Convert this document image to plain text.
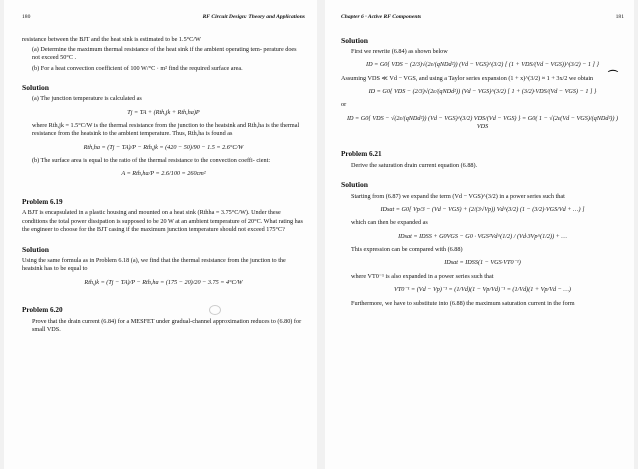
180	RF Circuit Design: Theory and Applications

resistance between the BJT and the heat sink is estimated to be 1.5°C/W

(a) Determine the maximum thermal resistance of the heat sink if the ambient operating tem- perature does not exceed 50°C .

(b) For a heat convection coefficient of 100 W/°C · m² find the required surface area.

Solution

(a) The junction temperature is calculated as

Tj = TA + (Rth,jk + Rth,ha)P

where Rth,jk = 1.5°C/W is the thermal resistance from the junction to the heatsink and Rth,ha is the thermal resistance from the heatsink to the ambient temperature. Thus, Rth,ha is found as

Rth,ha = (Tj − TA)/P − Rth,jk = (420 − 50)/90 − 1.5 = 2.6°C/W

(b) The surface area is equal to the ratio of the thermal resistance to the convection coeffi- cient:

A = Rth,ha/P = 2.6/100 = 260cm²
Problem 6.19

A BJT is encapsulated in a plastic housing and mounted on a heat sink (Rthha = 3.75°C/W). Under these conditions the total power dissipation is supposed to be 20 W at an ambient temperature of 20°C. What rating has the engineer to choose for the BJT casing if the maximum junction temperature should not exceed 175°C?

Solution

Using the same formula as in Problem 6.18 (a), we find that the thermal resistance from the junction to the heatsink has to be equal to

Rth,jk = (Tj − TA)/P − Rth,ha = (175 − 20)/20 − 3.75 = 4°C/W
Problem 6.20

Prove that the drain current (6.84) for a MESFET under gradual-channel approximation reduces to (6.80) for small VDS.

Chapter 6 · Active RF Components	181
Solution

First we rewrite (6.84) as shown below

ID = G0{ VDS − (2/3)√(2ε/(qNDd²)) (Vd − VGS)^(3/2) [ (1 + VDS/(Vd − VGS))^(3/2) − 1 ] }

Assuming VDS ≪ Vd − VGS, and using a Taylor series expansion (1 + x)^(3/2) ≈ 1 + 3x/2 we obtain

ID = G0{ VDS − (2/3)√(2ε/(qNDd²)) (Vd − VGS)^(3/2) [ 1 + (3/2)·VDS/(Vd − VGS) − 1 ] }

or

ID = G0{ VDS − √(2ε/(qNDd²)) (Vd − VGS)^(3/2) VDS/(Vd − VGS) } = G0( 1 − √(2ε(Vd − VGS)/(qNDd²)) ) VDS
Problem 6.21

Derive the saturation drain current equation (6.88).

Solution

Starting from (6.87) we expand the term (Vd − VGS)^(3/2) in a power series such that

IDsat = G0[ Vp/3 − (Vd − VGS) + (2/(3√Vp)) Vd^(3/2) (1 − (3/2)·VGS/Vd + …) ]

which can then be expanded as

IDsat = IDSS + G0VGS − G0 · VGS²Vd^(1/2) / (Vd·3Vp^(1/2)) + …

This expression can be compared with (6.88)

IDsat = IDSS(1 − VGS·VT0⁻¹)

where VT0⁻¹ is also expanded in a power series such that

VT0⁻¹ = (Vd − Vp)⁻¹ = (1/Vd)(1 − Vp/Vd)⁻¹ = (1/Vd)(1 + Vp/Vd − …)

Furthermore, we have to substitute into (6.88) the maximum saturation current in the form

⌒
